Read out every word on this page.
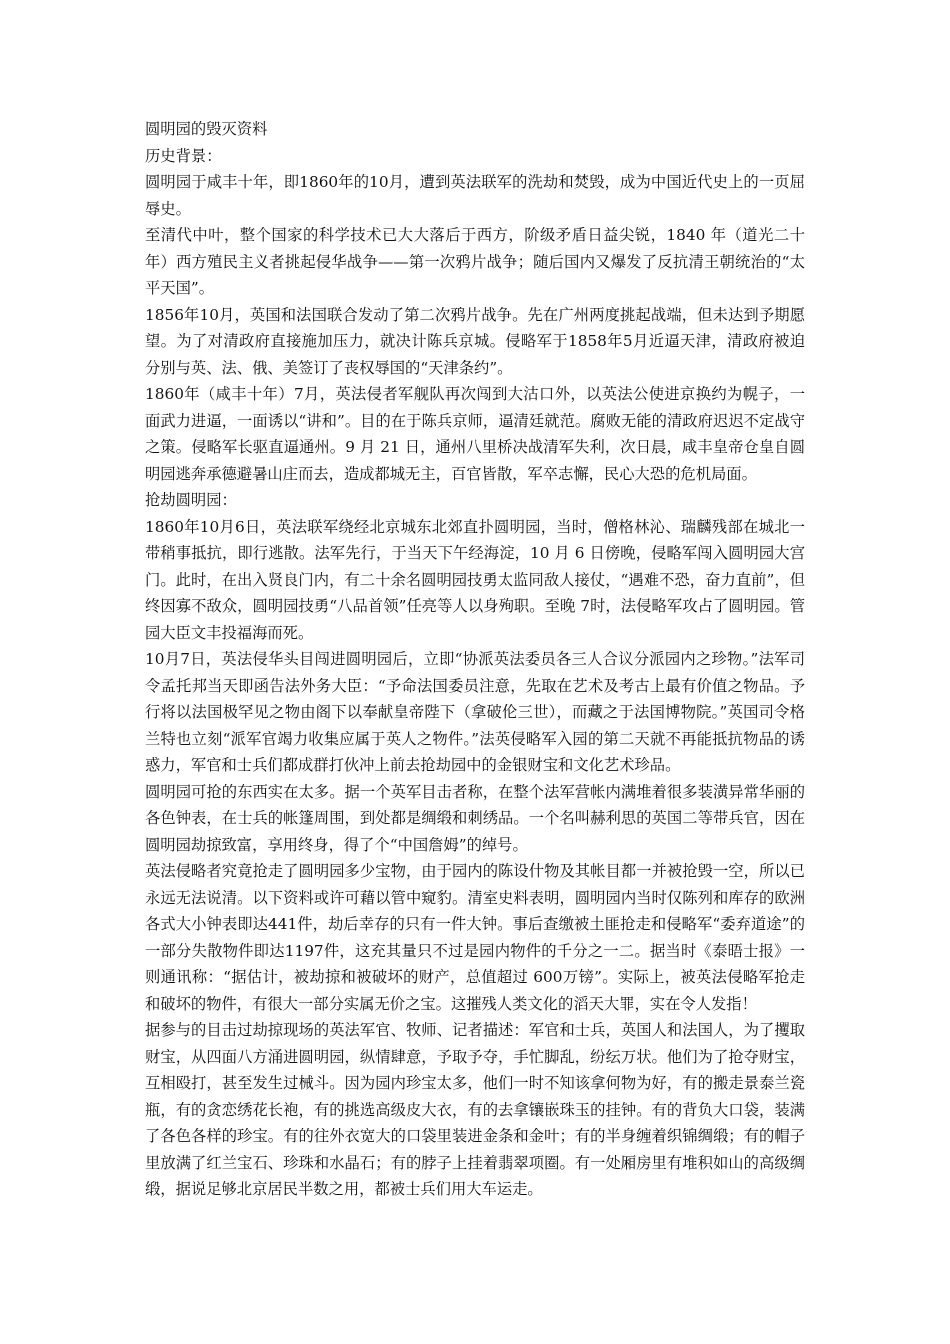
圆明园的毁灭资料

历史背景：

圆明园于咸丰十年，即1860年的10月，遭到英法联军的洗劫和焚毁，成为中国近代史上的一页屈辱史。

至清代中叶，整个国家的科学技术已大大落后于西方，阶级矛盾日益尖锐，1840 年（道光二十年）西方殖民主义者挑起侵华战争——第一次鸦片战争；随后国内又爆发了反抗清王朝统治的“太平天国”。

1856年10月，英国和法国联合发动了第二次鸦片战争。先在广州两度挑起战端，但未达到予期愿望。为了对清政府直接施加压力，就决计陈兵京城。侵略军于1858年5月近逼天津，清政府被迫分别与英、法、俄、美签订了丧权辱国的“天津条约”。

1860年（咸丰十年）7月，英法侵者军舰队再次闯到大沽口外，以英法公使进京换约为幌子，一面武力进逼，一面诱以“讲和”。目的在于陈兵京师，逼清廷就范。腐败无能的清政府迟迟不定战守之策。侵略军长驱直逼通州。9 月 21 日，通州八里桥决战清军失利，次日晨，咸丰皇帝仓皇自圆明园逃奔承德避暑山庄而去，造成都城无主，百官皆散，军卒志懈，民心大恐的危机局面。

抢劫圆明园：

1860年10月6日，英法联军绕经北京城东北郊直扑圆明园，当时，僧格林沁、瑞麟残部在城北一带稍事抵抗，即行逃散。法军先行，于当天下午经海淀，10 月 6 日傍晚，侵略军闯入圆明园大宫门。此时，在出入贤良门内，有二十余名圆明园技勇太监同敌人接仗，“遇难不恐，奋力直前”，但终因寡不敌众，圆明园技勇“八品首领”任亮等人以身殉职。至晚 7时，法侵略军攻占了圆明园。管园大臣文丰投福海而死。

10月7日，英法侵华头目闯进圆明园后，立即“协派英法委员各三人合议分派园内之珍物。”法军司令孟托邦当天即函告法外务大臣：“予命法国委员注意，先取在艺术及考古上最有价值之物品。予行将以法国极罕见之物由阁下以奉献皇帝陛下（拿破伦三世），而藏之于法国博物院。”英国司令格兰特也立刻“派军官竭力收集应属于英人之物件。”法英侵略军入园的第二天就不再能抵抗物品的诱惑力，军官和士兵们都成群打伙冲上前去抢劫园中的金银财宝和文化艺术珍品。

圆明园可抢的东西实在太多。据一个英军目击者称，在整个法军营帐内满堆着很多装潢异常华丽的各色钟表，在士兵的帐篷周围，到处都是绸缎和刺绣品。一个名叫赫利思的英国二等带兵官，因在圆明园劫掠致富，享用终身，得了个“中国詹姆”的绰号。

英法侵略者究竟抢走了圆明园多少宝物，由于园内的陈设什物及其帐目都一并被抢毁一空，所以已永远无法说清。以下资料或许可藉以管中窥豹。清室史料表明，圆明园内当时仅陈列和库存的欧洲各式大小钟表即达441件，劫后幸存的只有一件大钟。事后查缴被土匪抢走和侵略军“委弃道途”的一部分失散物件即达1197件，这充其量只不过是园内物件的千分之一二。据当时《泰晤士报》一则通讯称：“据估计，被劫掠和被破坏的财产，总值超过 600万镑”。实际上，被英法侵略军抢走和破坏的物件，有很大一部分实属无价之宝。这摧残人类文化的滔天大罪，实在令人发指！

据参与的目击过劫掠现场的英法军官、牧师、记者描述：军官和士兵，英国人和法国人，为了攫取财宝，从四面八方涌进圆明园，纵情肆意，予取予夺，手忙脚乱，纷纭万状。他们为了抢夺财宝，互相殴打，甚至发生过械斗。因为园内珍宝太多，他们一时不知该拿何物为好，有的搬走景泰兰瓷瓶，有的贪恋绣花长袍，有的挑选高级皮大衣，有的去拿镶嵌珠玉的挂钟。有的背负大口袋，装满了各色各样的珍宝。有的往外衣宽大的口袋里装进金条和金叶；有的半身缠着织锦绸缎；有的帽子里放满了红兰宝石、珍珠和水晶石；有的脖子上挂着翡翠项圈。有一处厢房里有堆积如山的高级绸缎，据说足够北京居民半数之用，都被士兵们用大车运走。
